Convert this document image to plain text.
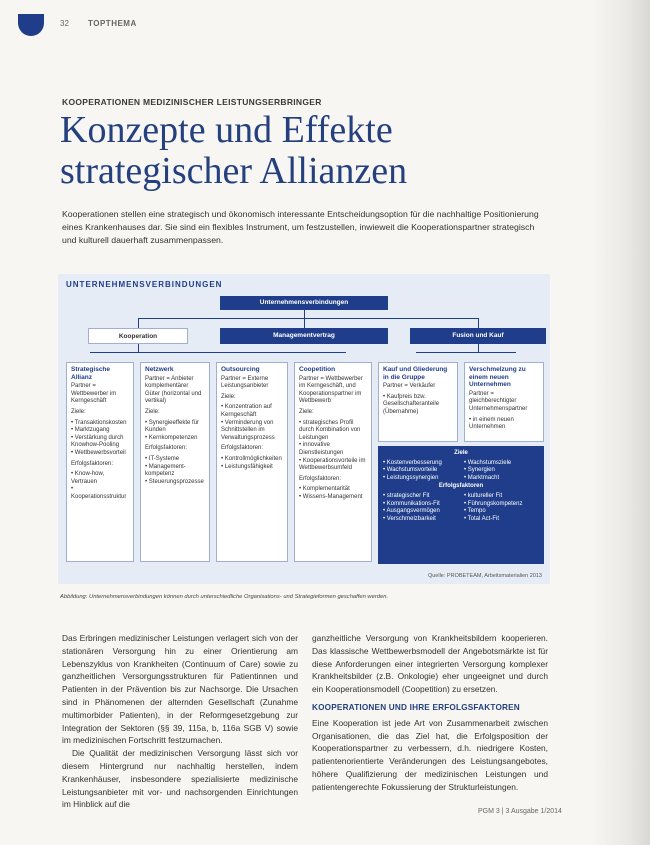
32 TOPTHEMA
KOOPERATIONEN MEDIZINISCHER LEISTUNGSERBRINGER
Konzepte und Effekte
strategischer Allianzen
Kooperationen stellen eine strategisch und ökonomisch interessante Entscheidungsoption für die nachhaltige Positionierung eines Krankenhauses dar. Sie sind ein flexibles Instrument, um festzustellen, inwieweit die Kooperationspartner strategisch und kulturell dauerhaft zusammenpassen.
UNTERNEHMENSVERBINDUNGEN
Unternehmensverbindungen
Kooperation	Managementvertrag	Fusion und Kauf
Strategische Allianz

Partner = Wettbewerber im Kerngeschäft

Ziele:

• Transaktionskosten
• Marktzugang
• Verstärkung durch Knowhow-Pooling
• Wettbewerbsvorteil

Erfolgsfaktoren:

• Know-how, Vertrauen
• Kooperationsstruktur
Netzwerk

Partner = Anbieter komplementärer Güter (horizontal und vertikal)

Ziele:

• Synergieeffekte für Kunden
• Kernkompetenzen

Erfolgsfaktoren:

• IT-Systeme
• Management-kompetenz
• Steuerungsprozesse
Outsourcing

Partner = Externe Leistungsanbieter

Ziele:

• Konzentration auf Kerngeschäft
• Verminderung von Schnittstellen im Verwaltungsprozess

Erfolgsfaktoren:

• Kontrollmöglichkeiten
• Leistungsfähigkeit
Coopetition

Partner = Wettbewerber im Kerngeschäft, und Kooperationspartner im Wettbewerb

Ziele:

• strategisches Profil durch Kombination von Leistungen
• innovative Dienstleistungen
• Kooperationsvorteile im Wettbewerbsumfeld

Erfolgsfaktoren:

• Komplementarität
• Wissens-Management
Kauf und Gliederung in die Gruppe

Partner = Verkäufer

• Kaufpreis bzw. Gesellschafteranteile (Übernahme)
Verschmelzung zu einem neuen Unternehmen

Partner = gleichberechtigter Unternehmenspartner

• in einem neuen Unternehmen
Ziele
• Kostenverbesserung	• Wachstumsziele
• Wachstumsvorteile	• Synergien
• Leistungssynergien	• Marktmacht
Erfolgsfaktoren
• strategischer Fit	• kultureller Fit
• Kommunikations-Fit	• Führungskompetenz
• Ausgangsvermögen	• Tempo
• Verschmelzbarkeit	• Total Act-Fit
Quelle: PROBETEAM, Arbeitsmaterialien 2013
Abbildung: Unternehmensverbindungen können durch unterschiedliche Organisations- und Strategieformen geschaffen werden.

Das Erbringen medizinischer Leistungen verlagert sich von der stationären Versorgung hin zu einer Orientierung am Lebenszyklus von Krankheiten (Continuum of Care) sowie zu ganzheitlichen Versorgungsstrukturen für Patientinnen und Patienten in der Prävention bis zur Nachsorge. Die Ursachen sind in Phänomenen der alternden Gesellschaft (Zunahme multimorbider Patienten), in der Reformgesetzgebung zur Integration der Sektoren (§§ 39, 115a, b, 116a SGB V) sowie im medizinischen Fortschritt festzumachen.

Die Qualität der medizinischen Versorgung lässt sich vor diesem Hintergrund nur nachhaltig herstellen, indem Krankenhäuser, insbesondere spezialisierte medizinische Leistungsanbieter mit vor- und nachsorgenden Einrichtungen im Hinblick auf die

ganzheitliche Versorgung von Krankheitsbildern kooperieren. Das klassische Wettbewerbsmodell der Angebotsmärkte ist für diese Anforderungen einer integrierten Versorgung komplexer Krankheitsbilder (z.B. Onkologie) eher ungeeignet und durch ein Kooperationsmodell (Coopetition) zu ersetzen.

KOOPERATIONEN UND IHRE ERFOLGSFAKTOREN

Eine Kooperation ist jede Art von Zusammenarbeit zwischen Organisationen, die das Ziel hat, die Erfolgsposition der Kooperationspartner zu verbessern, d.h. niedrigere Kosten, patientenorientierte Veränderungen des Leistungsangebotes, höhere Qualifizierung der medizinischen Leistungen und patientengerechte Fokussierung der Strukturleistungen.

PGM 3 | 3 Ausgabe 1/2014
